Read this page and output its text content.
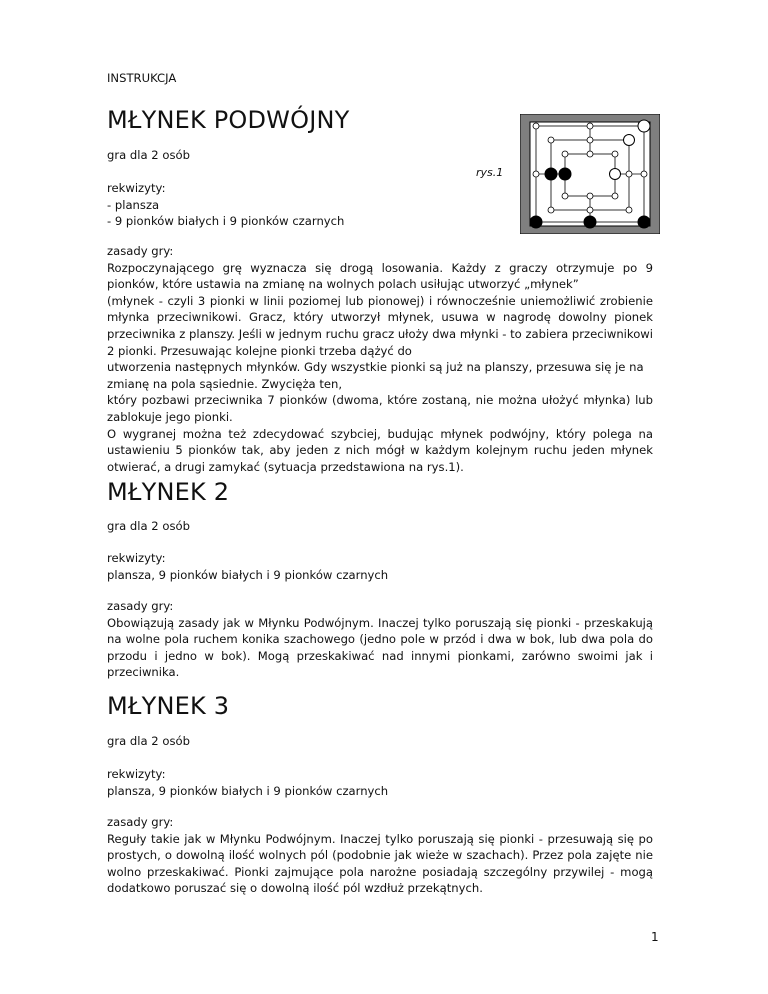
INSTRUKCJA
MŁYNEK PODWÓJNY
gra dla 2 osób
rekwizyty:
- plansza
- 9 pionków białych i 9 pionków czarnych
zasady gry:

Rozpoczynającego grę wyznacza się drogą losowania. Każdy z graczy otrzymuje po 9 pionków, które ustawia na zmianę na wolnych polach usiłując utworzyć „młynek”

(młynek - czyli 3 pionki w linii poziomej lub pionowej) i równocześnie uniemożliwić zrobienie młynka przeciwnikowi. Gracz, który utworzył młynek, usuwa w nagrodę dowolny pionek przeciwnika z planszy. Jeśli w jednym ruchu gracz ułoży dwa młynki - to zabiera przeciwnikowi 2 pionki. Przesuwając kolejne pionki trzeba dążyć do

utworzenia następnych młynków. Gdy wszystkie pionki są już na planszy, przesuwa się je na zmianę na pola sąsiednie. Zwycięża ten,

który pozbawi przeciwnika 7 pionków (dwoma, które zostaną, nie można ułożyć młynka) lub zablokuje jego pionki.

O wygranej można też zdecydować szybciej, budując młynek podwójny, który polega na ustawieniu 5 pionków tak, aby jeden z nich mógł w każdym kolejnym ruchu jeden młynek otwierać, a drugi zamykać (sytuacja przedstawiona na rys.1).

MŁYNEK 2
gra dla 2 osób
rekwizyty:
plansza, 9 pionków białych i 9 pionków czarnych
zasady gry:

Obowiązują zasady jak w Młynku Podwójnym. Inaczej tylko poruszają się pionki - przeskakują na wolne pola ruchem konika szachowego (jedno pole w przód i dwa w bok, lub dwa pola do przodu i jedno w bok). Mogą przeskakiwać nad innymi pionkami, zarówno swoimi jak i przeciwnika.

MŁYNEK 3
gra dla 2 osób
rekwizyty:
plansza, 9 pionków białych i 9 pionków czarnych
zasady gry:

Reguły takie jak w Młynku Podwójnym. Inaczej tylko poruszają się pionki - przesuwają się po prostych, o dowolną ilość wolnych pól (podobnie jak wieże w szachach). Przez pola zajęte nie wolno przeskakiwać. Pionki zajmujące pola narożne posiadają szczególny przywilej - mogą dodatkowo poruszać się o dowolną ilość pól wzdłuż przekątnych.

rys.1
1
